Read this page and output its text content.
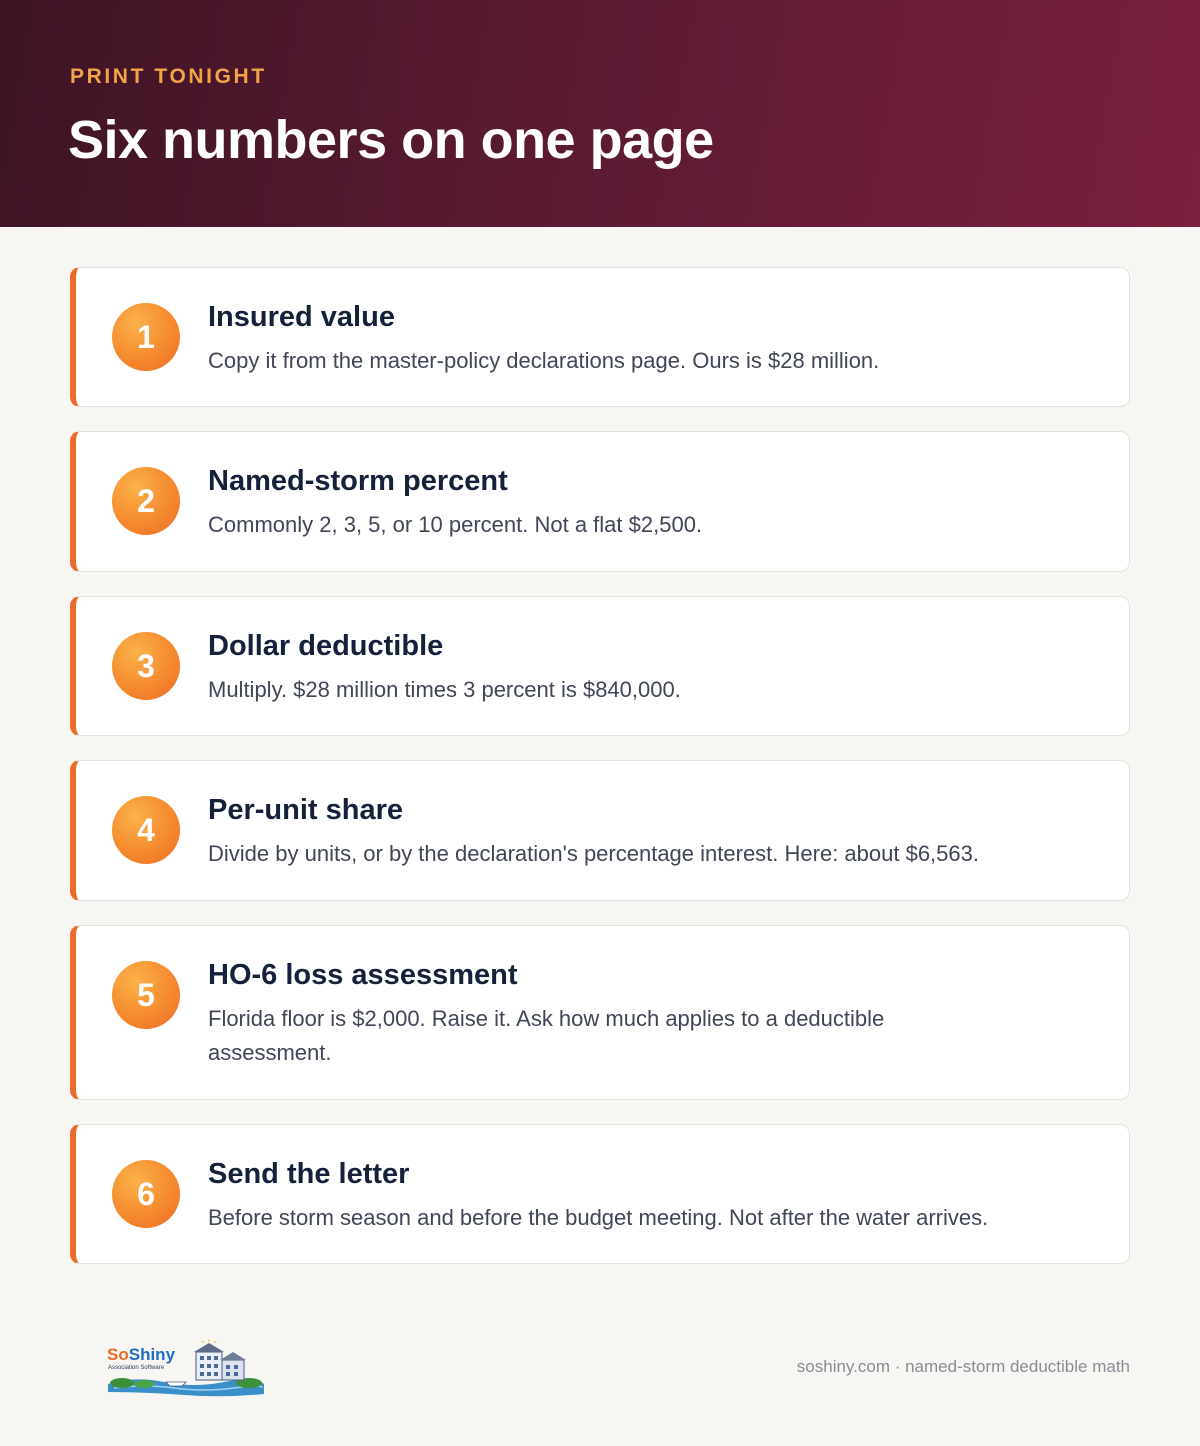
PRINT TONIGHT
Six numbers on one page
1
Insured value
Copy it from the master-policy declarations page. Ours is $28 million.
2
Named-storm percent
Commonly 2, 3, 5, or 10 percent. Not a flat $2,500.
3
Dollar deductible
Multiply. $28 million times 3 percent is $840,000.
4
Per-unit share
Divide by units, or by the declaration's percentage interest. Here: about $6,563.
5
HO-6 loss assessment
Florida floor is $2,000. Raise it. Ask how much applies to a deductible assessment.
6
Send the letter
Before storm season and before the budget meeting. Not after the water arrives.
SoShiny
Association Software	soshiny.com · named-storm deductible math
